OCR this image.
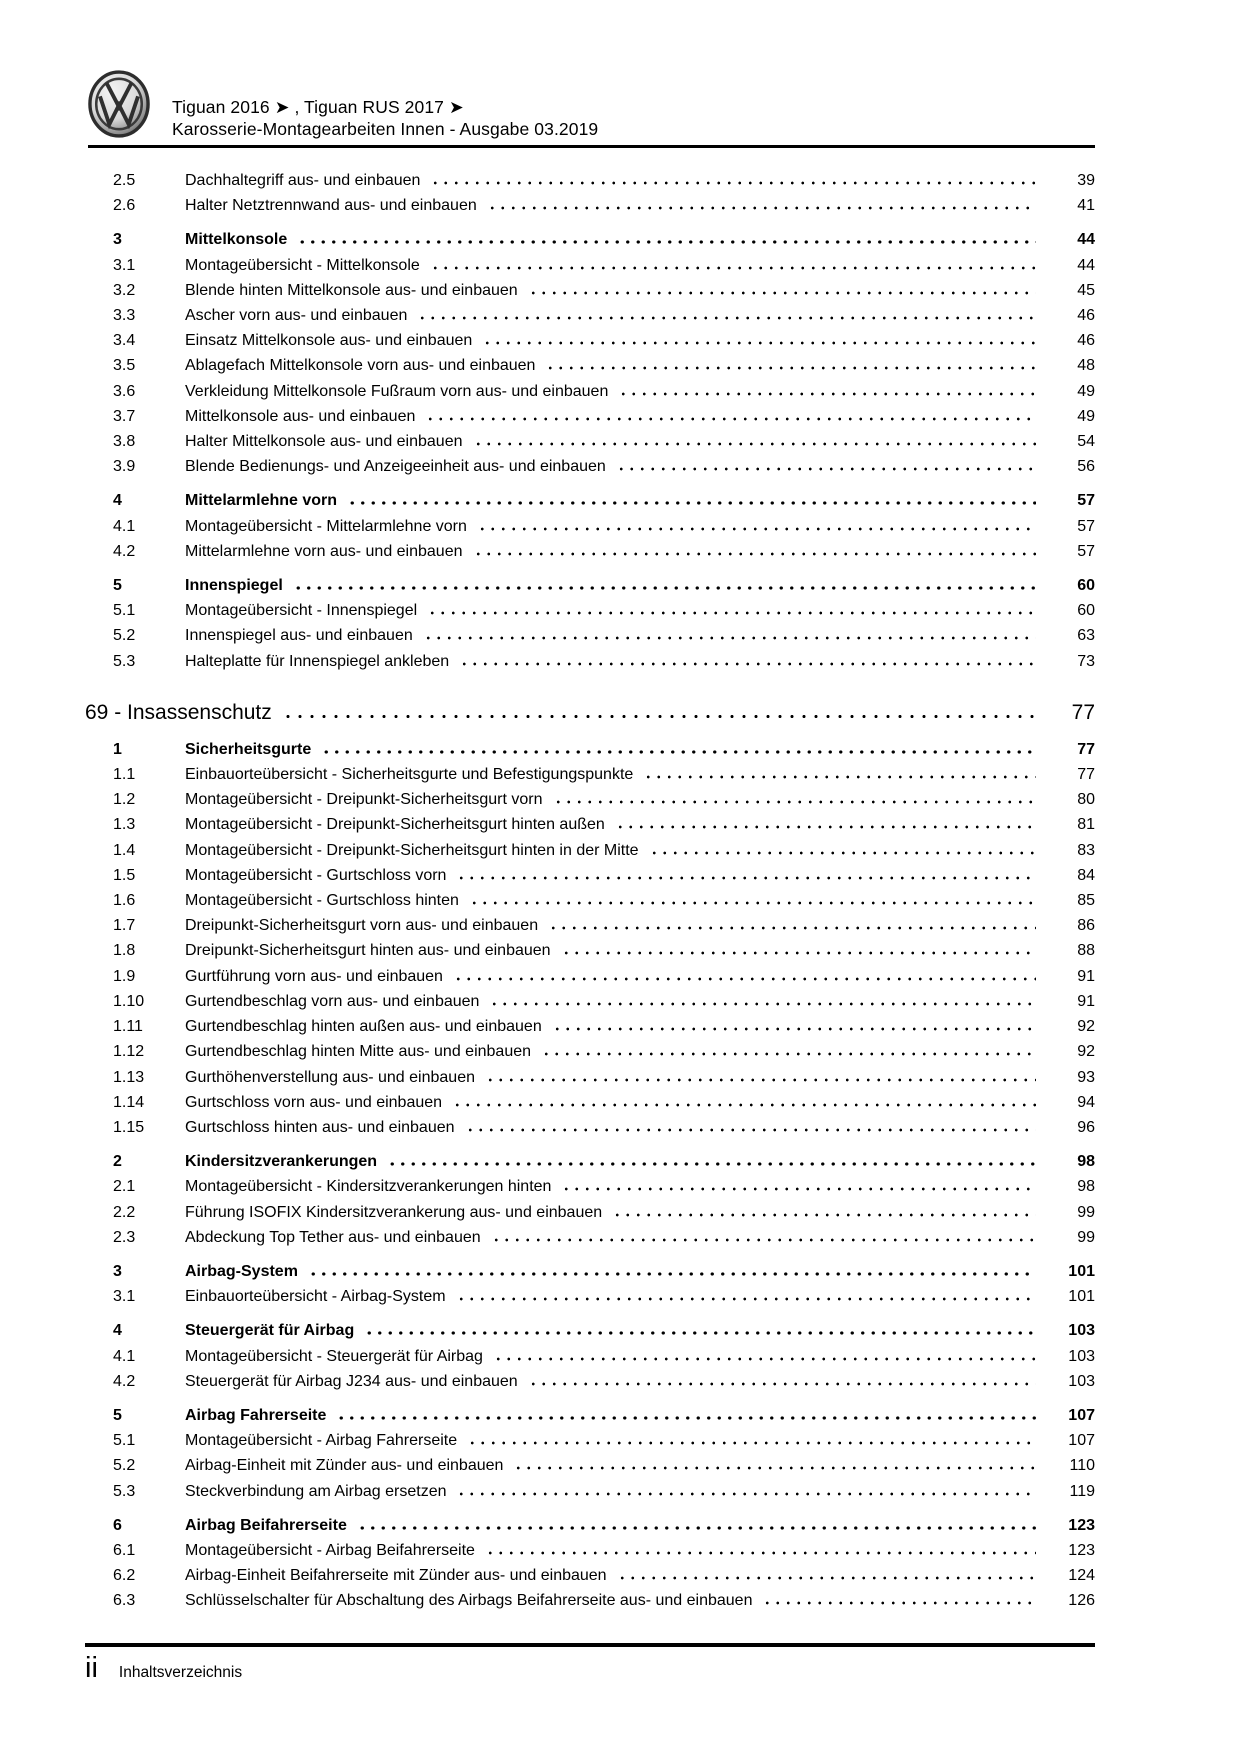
Tiguan 2016 ➤ , Tiguan RUS 2017 ➤
Karosserie-Montagearbeiten Innen - Ausgabe 03.2019
2.5	Dachhaltegriff aus- und einbauen	39
2.6	Halter Netztrennwand aus- und einbauen	41
3	Mittelkonsole	44
3.1	Montageübersicht - Mittelkonsole	44
3.2	Blende hinten Mittelkonsole aus- und einbauen	45
3.3	Ascher vorn aus- und einbauen	46
3.4	Einsatz Mittelkonsole aus- und einbauen	46
3.5	Ablagefach Mittelkonsole vorn aus- und einbauen	48
3.6	Verkleidung Mittelkonsole Fußraum vorn aus- und einbauen	49
3.7	Mittelkonsole aus- und einbauen	49
3.8	Halter Mittelkonsole aus- und einbauen	54
3.9	Blende Bedienungs- und Anzeigeeinheit aus- und einbauen	56
4	Mittelarmlehne vorn	57
4.1	Montageübersicht - Mittelarmlehne vorn	57
4.2	Mittelarmlehne vorn aus- und einbauen	57
5	Innenspiegel	60
5.1	Montageübersicht - Innenspiegel	60
5.2	Innenspiegel aus- und einbauen	63
5.3	Halteplatte für Innenspiegel ankleben	73
69 - Insassenschutz	77
1	Sicherheitsgurte	77
1.1	Einbauorteübersicht - Sicherheitsgurte und Befestigungspunkte	77
1.2	Montageübersicht - Dreipunkt-Sicherheitsgurt vorn	80
1.3	Montageübersicht - Dreipunkt-Sicherheitsgurt hinten außen	81
1.4	Montageübersicht - Dreipunkt-Sicherheitsgurt hinten in der Mitte	83
1.5	Montageübersicht - Gurtschloss vorn	84
1.6	Montageübersicht - Gurtschloss hinten	85
1.7	Dreipunkt-Sicherheitsgurt vorn aus- und einbauen	86
1.8	Dreipunkt-Sicherheitsgurt hinten aus- und einbauen	88
1.9	Gurtführung vorn aus- und einbauen	91
1.10	Gurtendbeschlag vorn aus- und einbauen	91
1.11	Gurtendbeschlag hinten außen aus- und einbauen	92
1.12	Gurtendbeschlag hinten Mitte aus- und einbauen	92
1.13	Gurthöhenverstellung aus- und einbauen	93
1.14	Gurtschloss vorn aus- und einbauen	94
1.15	Gurtschloss hinten aus- und einbauen	96
2	Kindersitzverankerungen	98
2.1	Montageübersicht - Kindersitzverankerungen hinten	98
2.2	Führung ISOFIX Kindersitzverankerung aus- und einbauen	99
2.3	Abdeckung Top Tether aus- und einbauen	99
3	Airbag-System	101
3.1	Einbauorteübersicht - Airbag-System	101
4	Steuergerät für Airbag	103
4.1	Montageübersicht - Steuergerät für Airbag	103
4.2	Steuergerät für Airbag J234 aus- und einbauen	103
5	Airbag Fahrerseite	107
5.1	Montageübersicht - Airbag Fahrerseite	107
5.2	Airbag-Einheit mit Zünder aus- und einbauen	110
5.3	Steckverbindung am Airbag ersetzen	119
6	Airbag Beifahrerseite	123
6.1	Montageübersicht - Airbag Beifahrerseite	123
6.2	Airbag-Einheit Beifahrerseite mit Zünder aus- und einbauen	124
6.3	Schlüsselschalter für Abschaltung des Airbags Beifahrerseite aus- und einbauen	126
ii Inhaltsverzeichnis
